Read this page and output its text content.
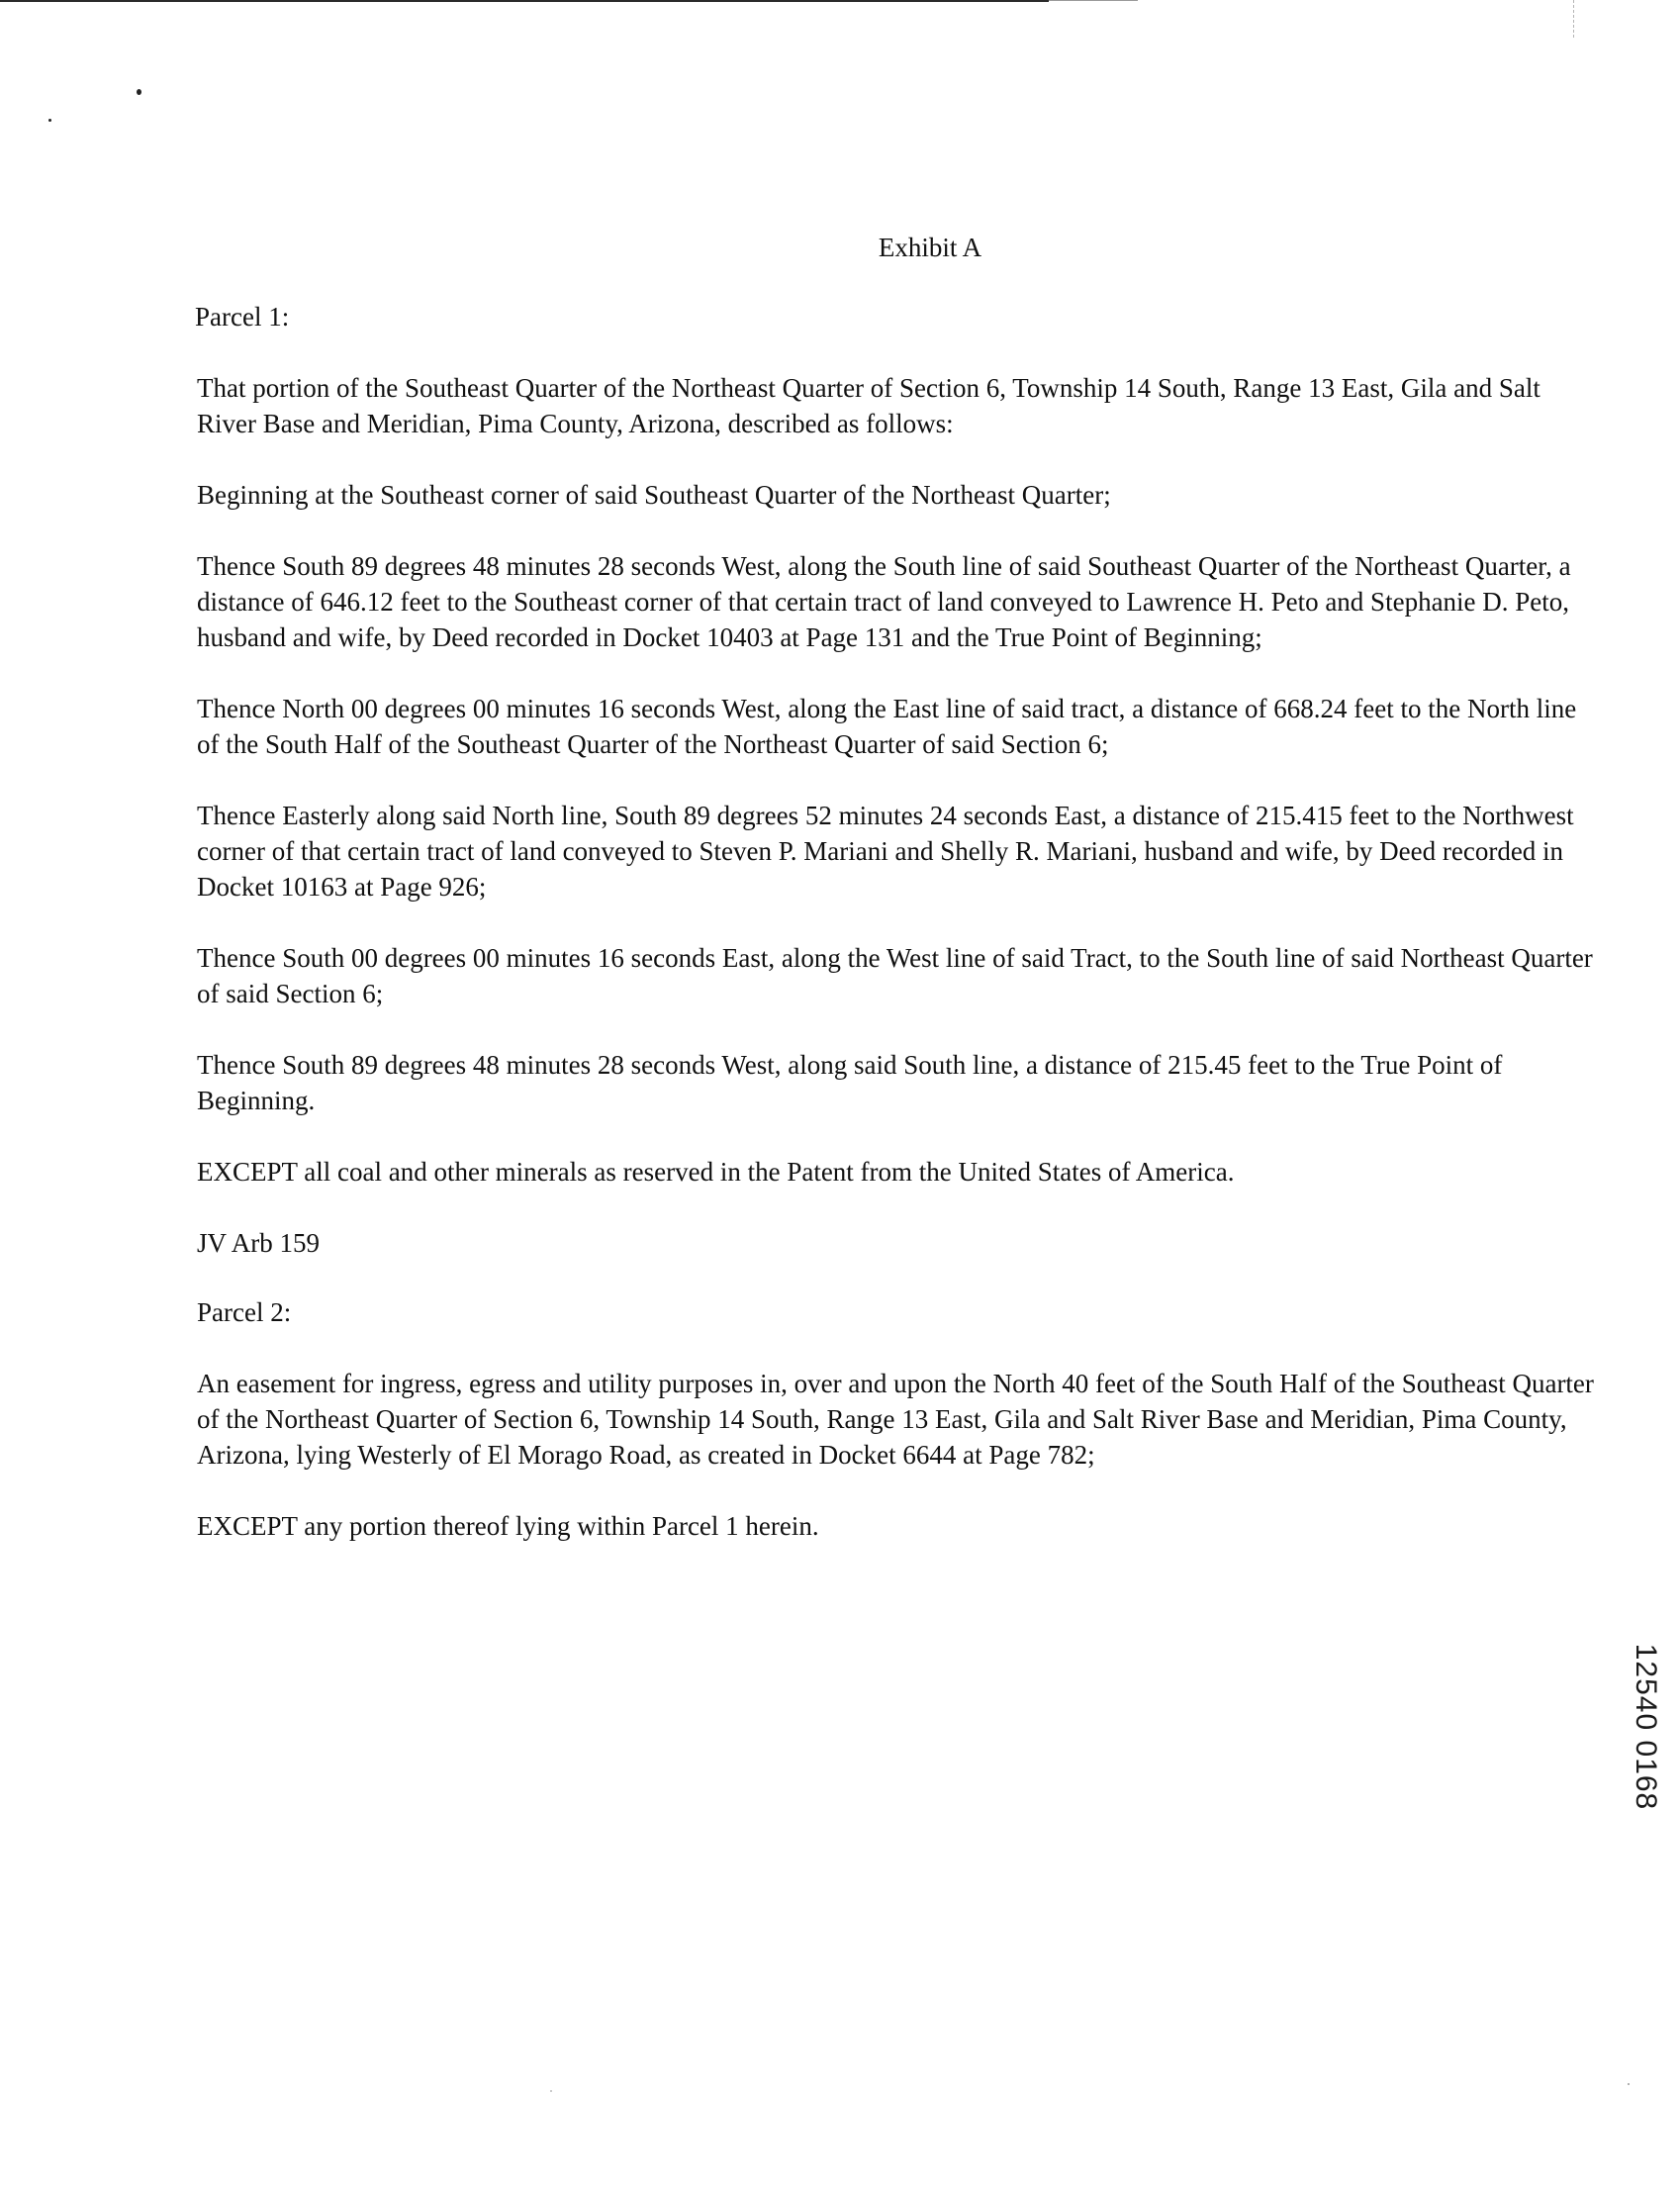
Exhibit A

Parcel 1:

That portion of the Southeast Quarter of the Northeast Quarter of Section 6, Township 14 South, Range 13 East, Gila and Salt River Base and Meridian, Pima County, Arizona, described as follows:

Beginning at the Southeast corner of said Southeast Quarter of the Northeast Quarter;

Thence South 89 degrees 48 minutes 28 seconds West, along the South line of said Southeast Quarter of the Northeast Quarter, a distance of 646.12 feet to the Southeast corner of that certain tract of land conveyed to Lawrence H. Peto and Stephanie D. Peto, husband and wife, by Deed recorded in Docket 10403 at Page 131 and the True Point of Beginning;

Thence North 00 degrees 00 minutes 16 seconds West, along the East line of said tract, a distance of 668.24 feet to the North line of the South Half of the Southeast Quarter of the Northeast Quarter of said Section 6;

Thence Easterly along said North line, South 89 degrees 52 minutes 24 seconds East, a distance of 215.415 feet to the Northwest corner of that certain tract of land conveyed to Steven P. Mariani and Shelly R. Mariani, husband and wife, by Deed recorded in Docket 10163 at Page 926;

Thence South 00 degrees 00 minutes 16 seconds East, along the West line of said Tract, to the South line of said Northeast Quarter of said Section 6;

Thence South 89 degrees 48 minutes 28 seconds West, along said South line, a distance of 215.45 feet to the True Point of Beginning.

EXCEPT all coal and other minerals as reserved in the Patent from the United States of America.

JV Arb 159

Parcel 2:

An easement for ingress, egress and utility purposes in, over and upon the North 40 feet of the South Half of the Southeast Quarter of the Northeast Quarter of Section 6, Township 14 South, Range 13 East, Gila and Salt River Base and Meridian, Pima County, Arizona, lying Westerly of El Morago Road, as created in Docket 6644 at Page 782;

EXCEPT any portion thereof lying within Parcel 1 herein.

12540 0168
